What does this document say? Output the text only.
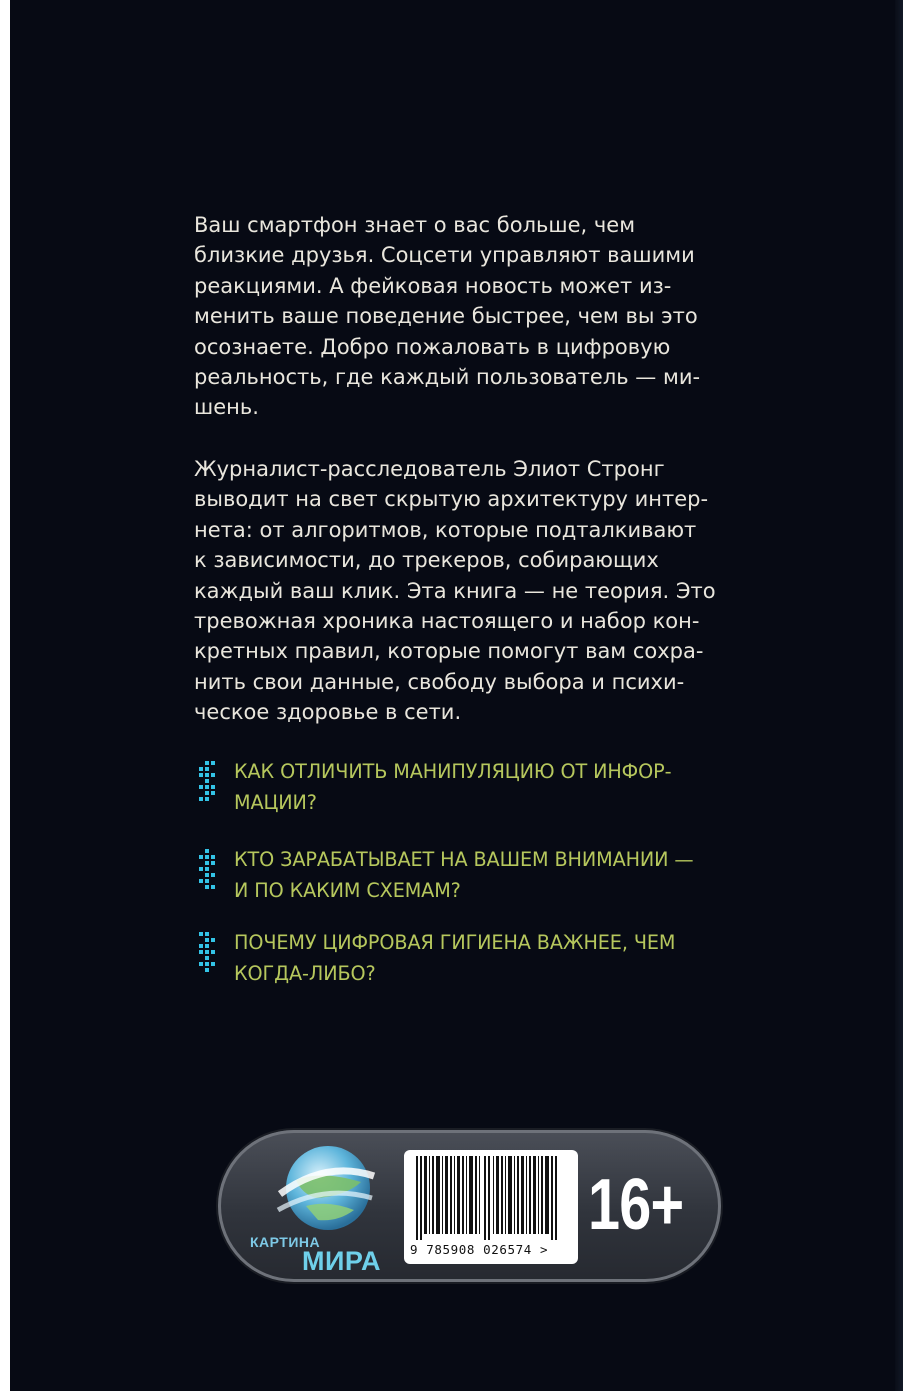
Ваш смартфон знает о вас больше, чем
близкие друзья. Соцсети управляют вашими
реакциями. А фейковая новость может из-
менить ваше поведение быстрее, чем вы это
осознаете. Добро пожаловать в цифровую
реальность, где каждый пользователь — ми-
шень.

Журналист-расследователь Элиот Стронг
выводит на свет скрытую архитектуру интер-
нета: от алгоритмов, которые подталкивают
к зависимости, до трекеров, собирающих
каждый ваш клик. Эта книга — не теория. Это
тревожная хроника настоящего и набор кон-
кретных правил, которые помогут вам сохра-
нить свои данные, свободу выбора и психи-
ческое здоровье в сети.

КАК ОТЛИЧИТЬ МАНИПУЛЯЦИЮ ОТ ИНФОР-
МАЦИИ?
КТО ЗАРАБАТЫВАЕТ НА ВАШЕМ ВНИМАНИИ —
И ПО КАКИМ СХЕМАМ?
ПОЧЕМУ ЦИФРОВАЯ ГИГИЕНА ВАЖНЕЕ, ЧЕМ
КОГДА-ЛИБО?
КАРТИНА
МИРА 9 785908 026574 >
16+
